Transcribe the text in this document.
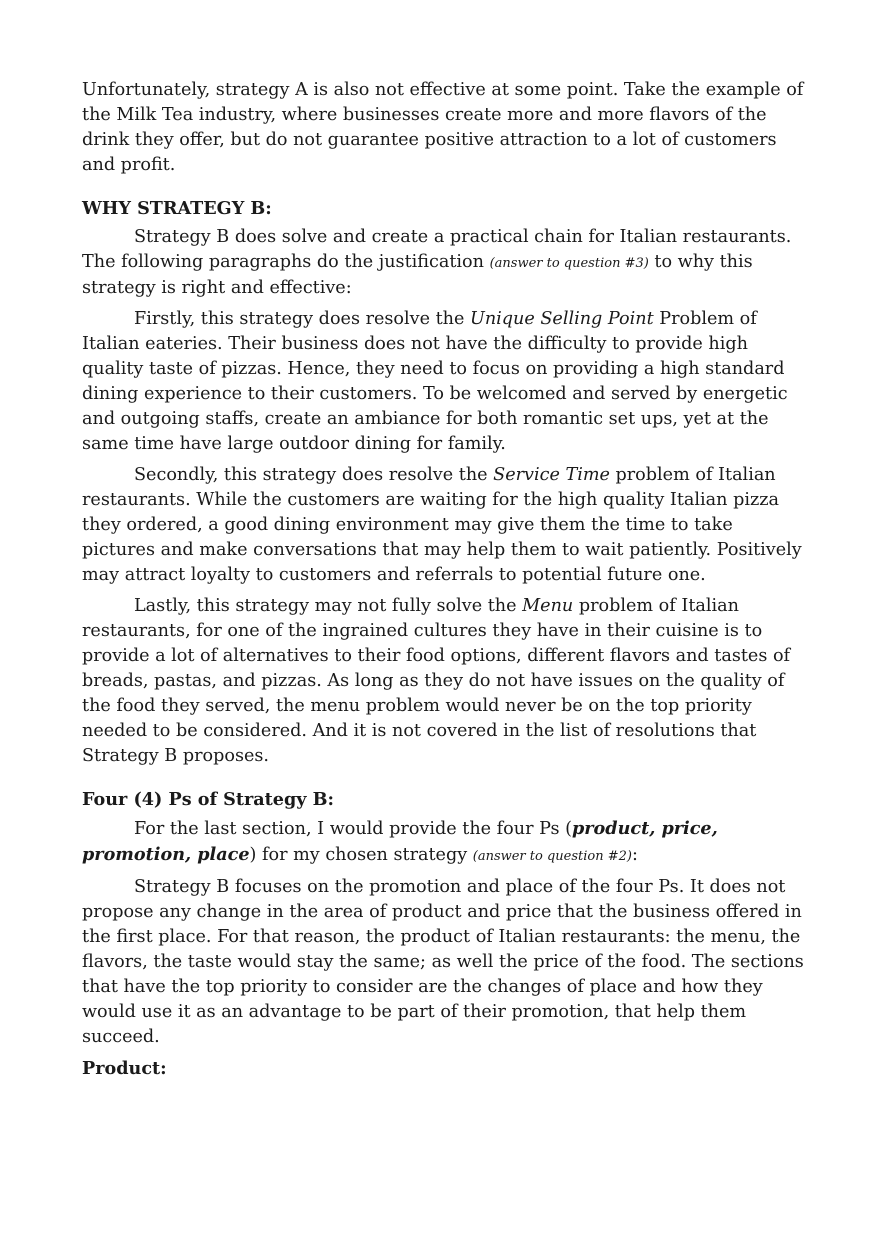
Unfortunately, strategy A is also not effective at some point. Take the example of the Milk Tea industry, where businesses create more and more flavors of the drink they offer, but do not guarantee positive attraction to a lot of customers and profit.

WHY STRATEGY B:

Strategy B does solve and create a practical chain for Italian restaurants. The following paragraphs do the justification (answer to question #3) to why this strategy is right and effective:

Firstly, this strategy does resolve the Unique Selling Point Problem of Italian eateries. Their business does not have the difficulty to provide high quality taste of pizzas. Hence, they need to focus on providing a high standard dining experience to their customers. To be welcomed and served by energetic and outgoing staffs, create an ambiance for both romantic set ups, yet at the same time have large outdoor dining for family.

Secondly, this strategy does resolve the Service Time problem of Italian restaurants. While the customers are waiting for the high quality Italian pizza they ordered, a good dining environment may give them the time to take pictures and make conversations that may help them to wait patiently. Positively may attract loyalty to customers and referrals to potential future one.

Lastly, this strategy may not fully solve the Menu problem of Italian restaurants, for one of the ingrained cultures they have in their cuisine is to provide a lot of alternatives to their food options, different flavors and tastes of breads, pastas, and pizzas. As long as they do not have issues on the quality of the food they served, the menu problem would never be on the top priority needed to be considered. And it is not covered in the list of resolutions that Strategy B proposes.

Four (4) Ps of Strategy B:

For the last section, I would provide the four Ps (product, price, promotion, place) for my chosen strategy (answer to question #2):

Strategy B focuses on the promotion and place of the four Ps. It does not propose any change in the area of product and price that the business offered in the first place. For that reason, the product of Italian restaurants: the menu, the flavors, the taste would stay the same; as well the price of the food. The sections that have the top priority to consider are the changes of place and how they would use it as an advantage to be part of their promotion, that help them succeed.

Product:
